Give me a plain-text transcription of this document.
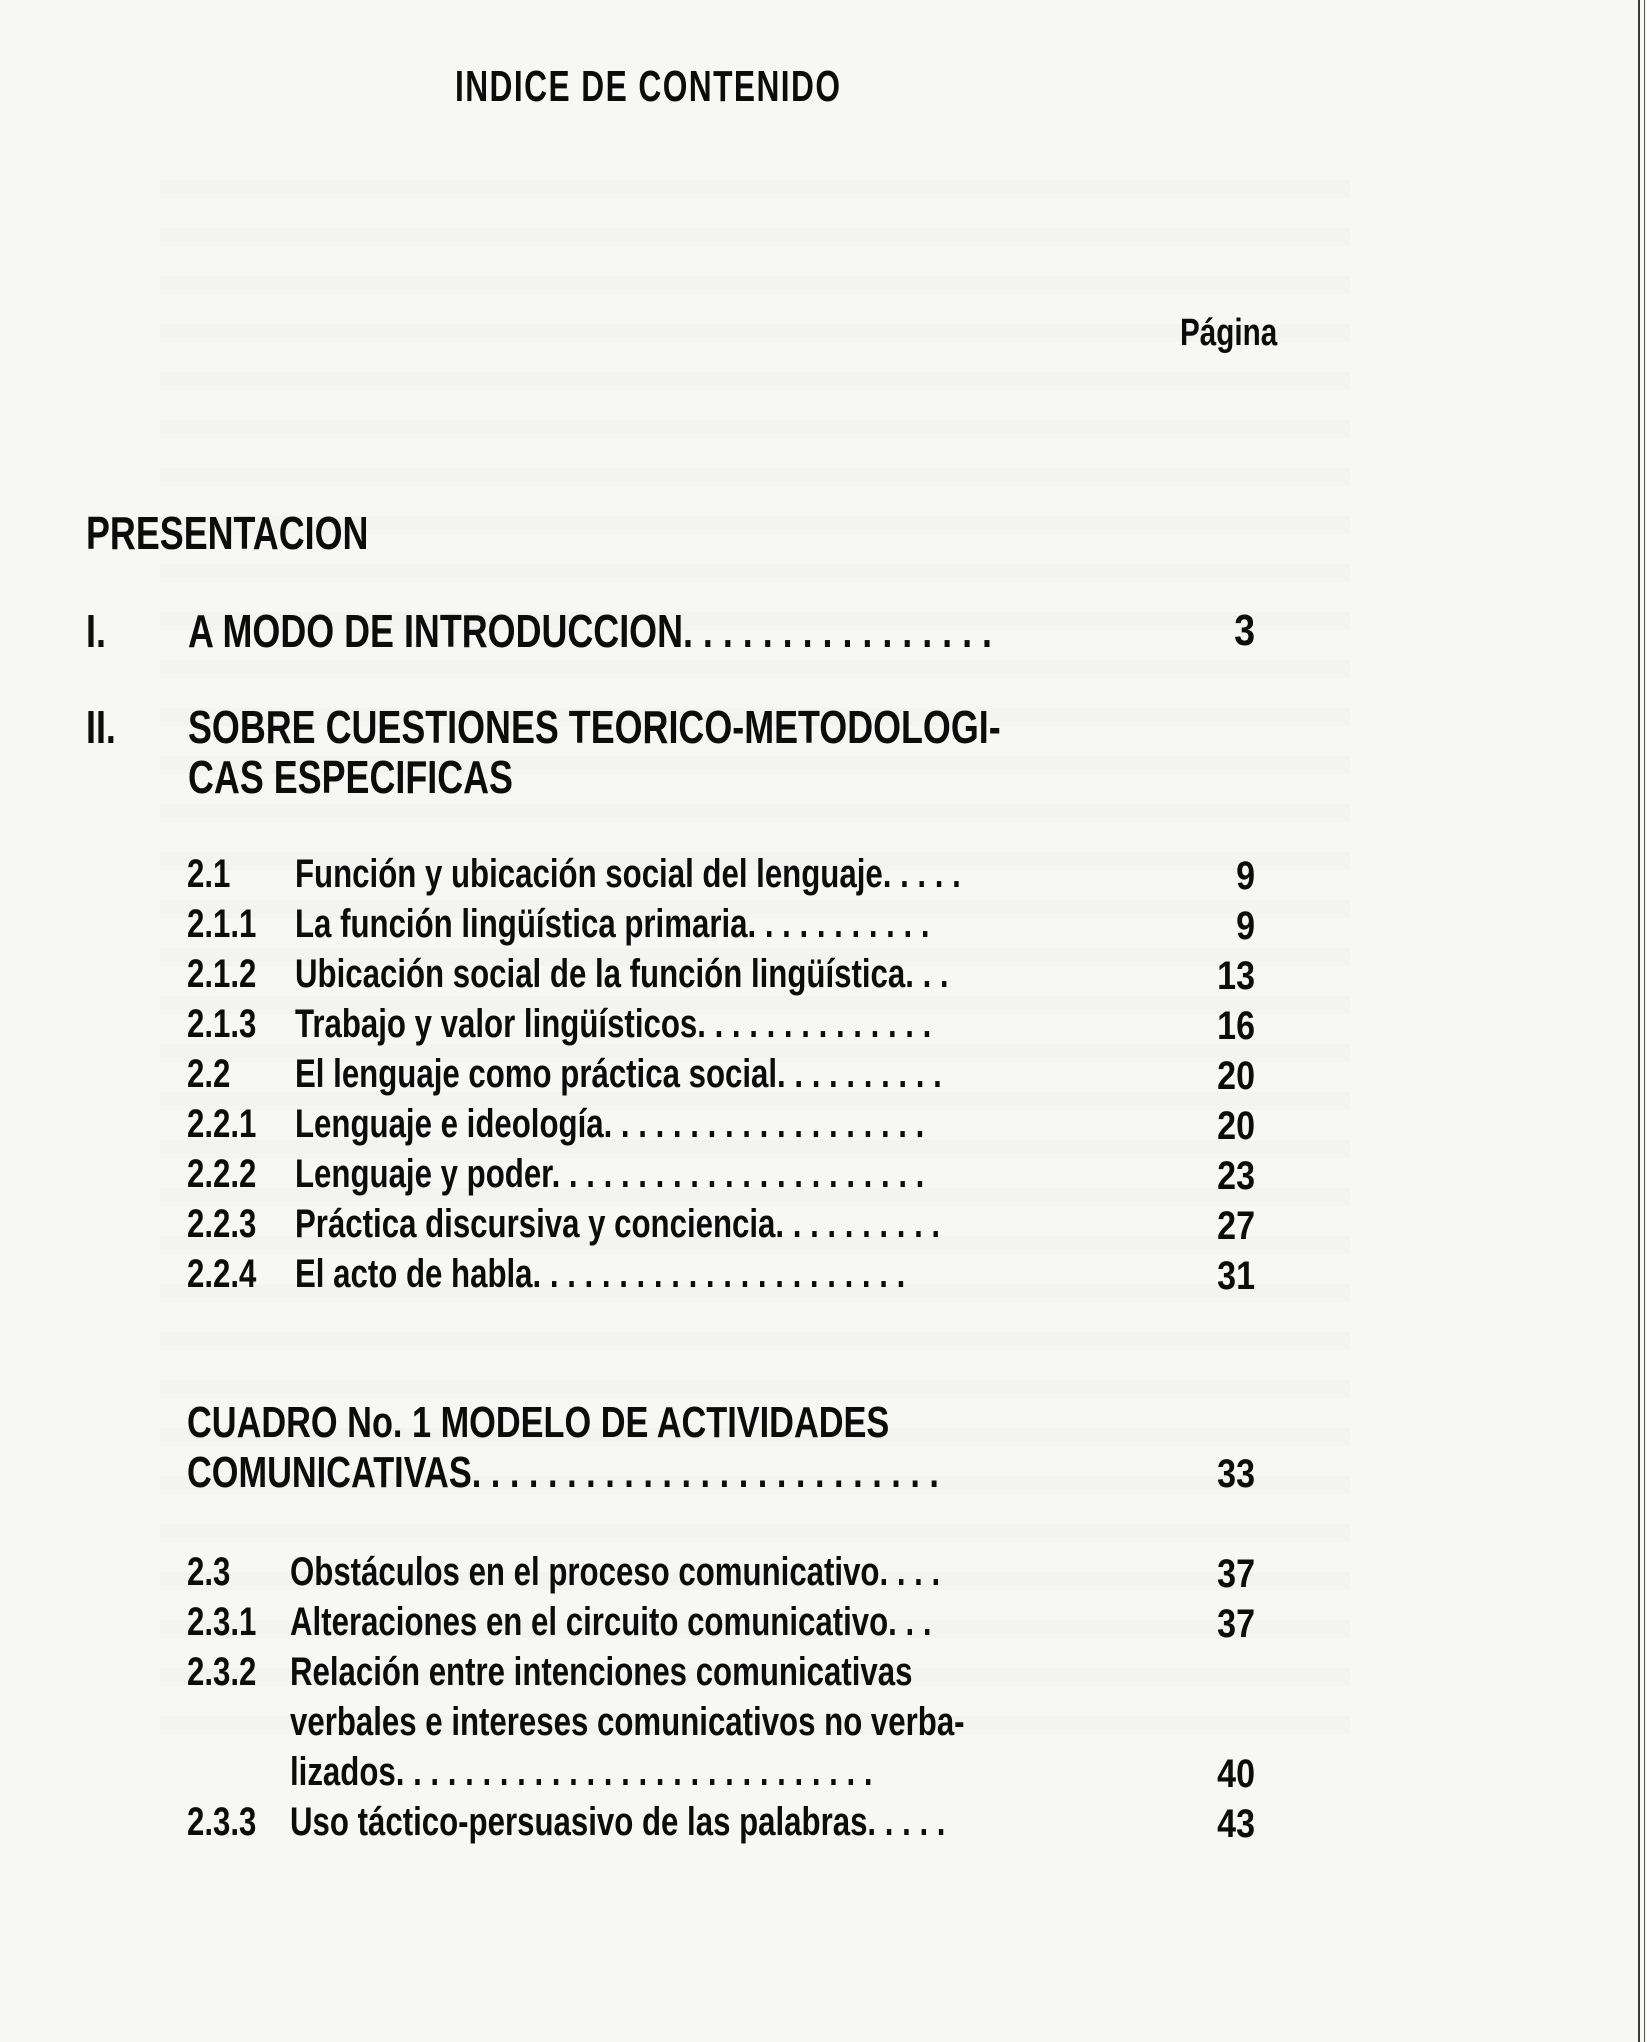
INDICE DE CONTENIDO
Página
PRESENTACION
I. A MODO DE INTRODUCCION. . . . . . . . . . . . . . . .	3
II. SOBRE CUESTIONES TEORICO-METODOLOGI-
CAS ESPECIFICAS
2.1 Función y ubicación social del lenguaje. . . . .	9
2.1.1 La función lingüística primaria. . . . . . . . . . .	9
2.1.2 Ubicación social de la función lingüística. . .	13
2.1.3 Trabajo y valor lingüísticos. . . . . . . . . . . . . .	16
2.2 El lenguaje como práctica social. . . . . . . . . .	20
2.2.1 Lenguaje e ideología. . . . . . . . . . . . . . . . . . .	20
2.2.2 Lenguaje y poder. . . . . . . . . . . . . . . . . . . . . .	23
2.2.3 Práctica discursiva y conciencia. . . . . . . . . .	27
2.2.4 El acto de habla. . . . . . . . . . . . . . . . . . . . . .	31
CUADRO No. 1 MODELO DE ACTIVIDADES
COMUNICATIVAS. . . . . . . . . . . . . . . . . . . . . . . . .	33
2.3 Obstáculos en el proceso comunicativo. . . .	37
2.3.1 Alteraciones en el circuito comunicativo. . .	37
2.3.2 Relación entre intenciones comunicativas
verbales e intereses comunicativos no verba-
lizados. . . . . . . . . . . . . . . . . . . . . . . . . . . .	40
2.3.3 Uso táctico-persuasivo de las palabras. . . . .	43
